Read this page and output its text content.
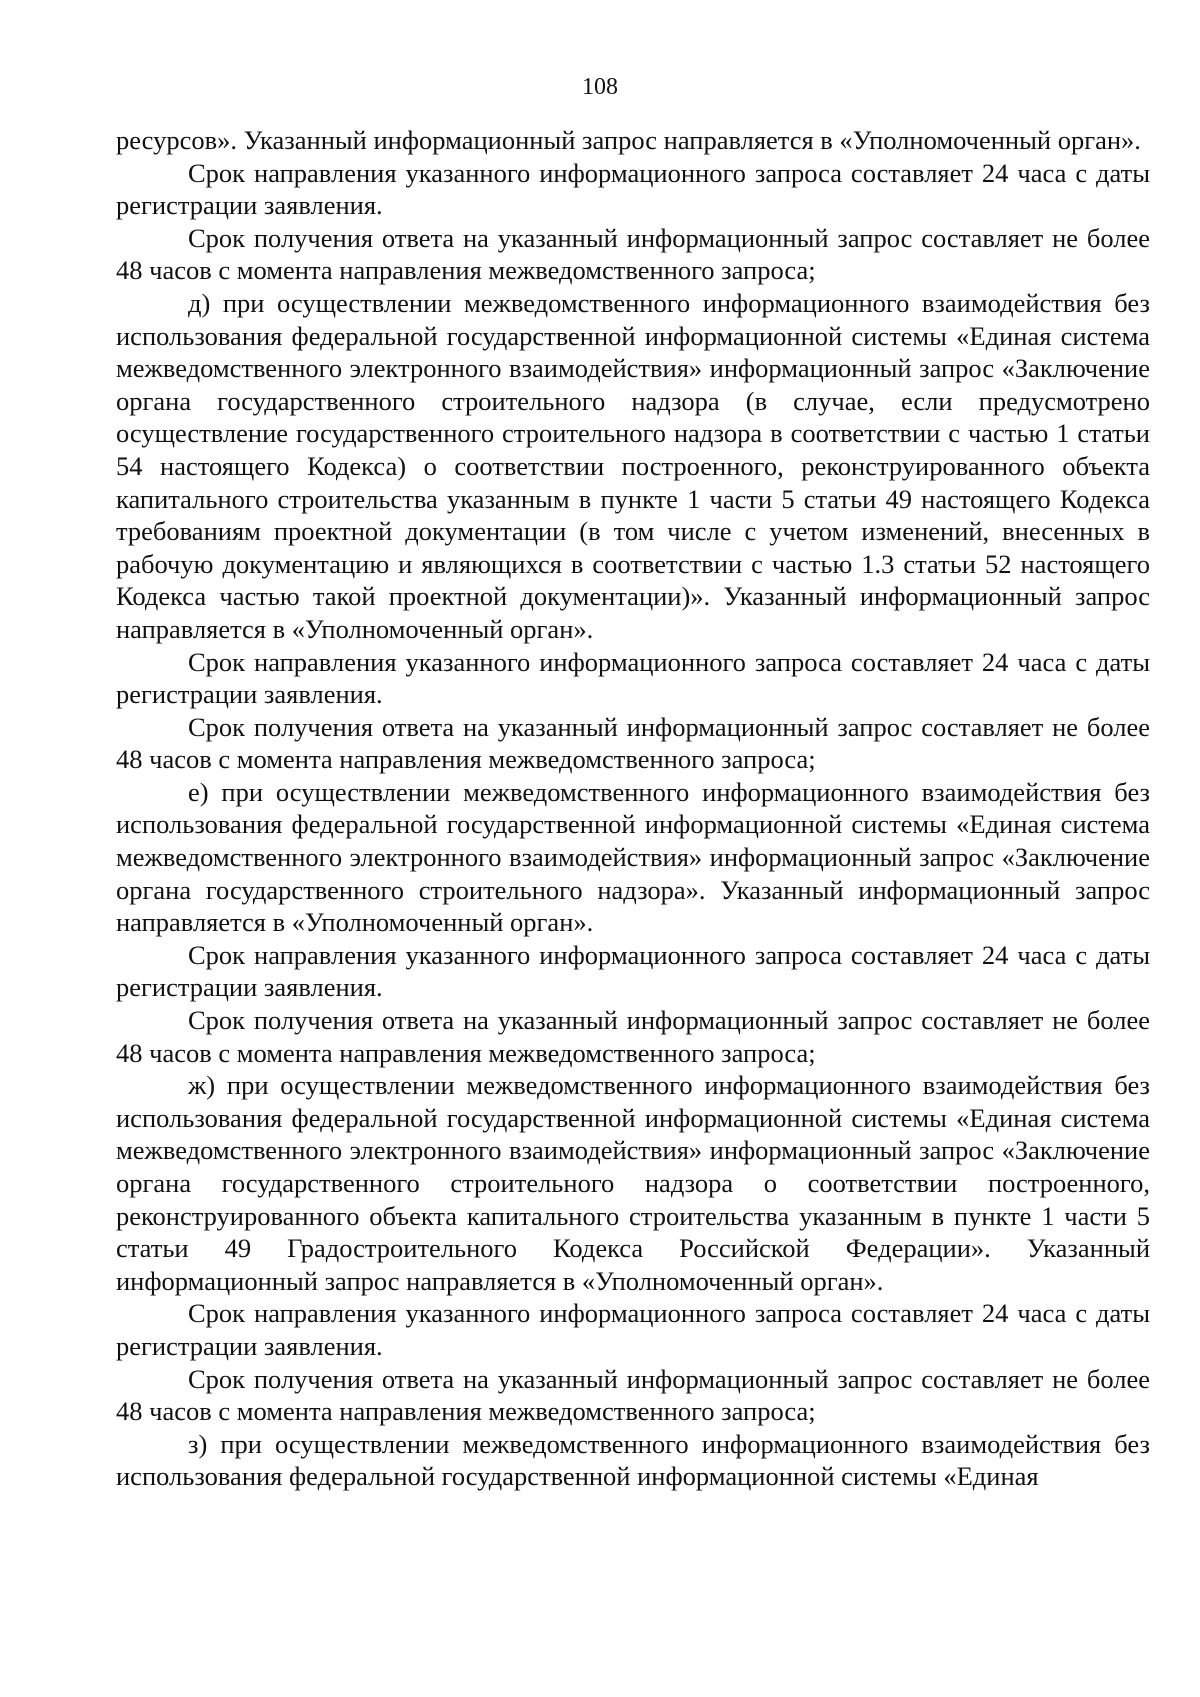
108

ресурсов». Указанный информационный запрос направляется в «Уполномоченный орган».

Срок направления указанного информационного запроса составляет 24 часа с даты регистрации заявления.

Срок получения ответа на указанный информационный запрос составляет не более 48 часов с момента направления межведомственного запроса;

д) при осуществлении межведомственного информационного взаимодействия без использования федеральной государственной информационной системы «Единая система межведомственного электронного взаимодействия» информационный запрос «Заключение органа государственного строительного надзора (в случае, если предусмотрено осуществление государственного строительного надзора в соответствии с частью 1 статьи 54 настоящего Кодекса) о соответствии построенного, реконструированного объекта капитального строительства указанным в пункте 1 части 5 статьи 49 настоящего Кодекса требованиям проектной документации (в том числе с учетом изменений, внесенных в рабочую документацию и являющихся в соответствии с частью 1.3 статьи 52 настоящего Кодекса частью такой проектной документации)». Указанный информационный запрос направляется в «Уполномоченный орган».

Срок направления указанного информационного запроса составляет 24 часа с даты регистрации заявления.

Срок получения ответа на указанный информационный запрос составляет не более 48 часов с момента направления межведомственного запроса;

е) при осуществлении межведомственного информационного взаимодействия без использования федеральной государственной информационной системы «Единая система межведомственного электронного взаимодействия» информационный запрос «Заключение органа государственного строительного надзора». Указанный информационный запрос направляется в «Уполномоченный орган».

Срок направления указанного информационного запроса составляет 24 часа с даты регистрации заявления.

Срок получения ответа на указанный информационный запрос составляет не более 48 часов с момента направления межведомственного запроса;

ж) при осуществлении межведомственного информационного взаимодействия без использования федеральной государственной информационной системы «Единая система межведомственного электронного взаимодействия» информационный запрос «Заключение органа государственного строительного надзора о соответствии построенного, реконструированного объекта капитального строительства указанным в пункте 1 части 5 статьи 49 Градостроительного Кодекса Российской Федерации». Указанный информационный запрос направляется в «Уполномоченный орган».

Срок направления указанного информационного запроса составляет 24 часа с даты регистрации заявления.

Срок получения ответа на указанный информационный запрос составляет не более 48 часов с момента направления межведомственного запроса;

з) при осуществлении межведомственного информационного взаимодействия без использования федеральной государственной информационной системы «Единая
